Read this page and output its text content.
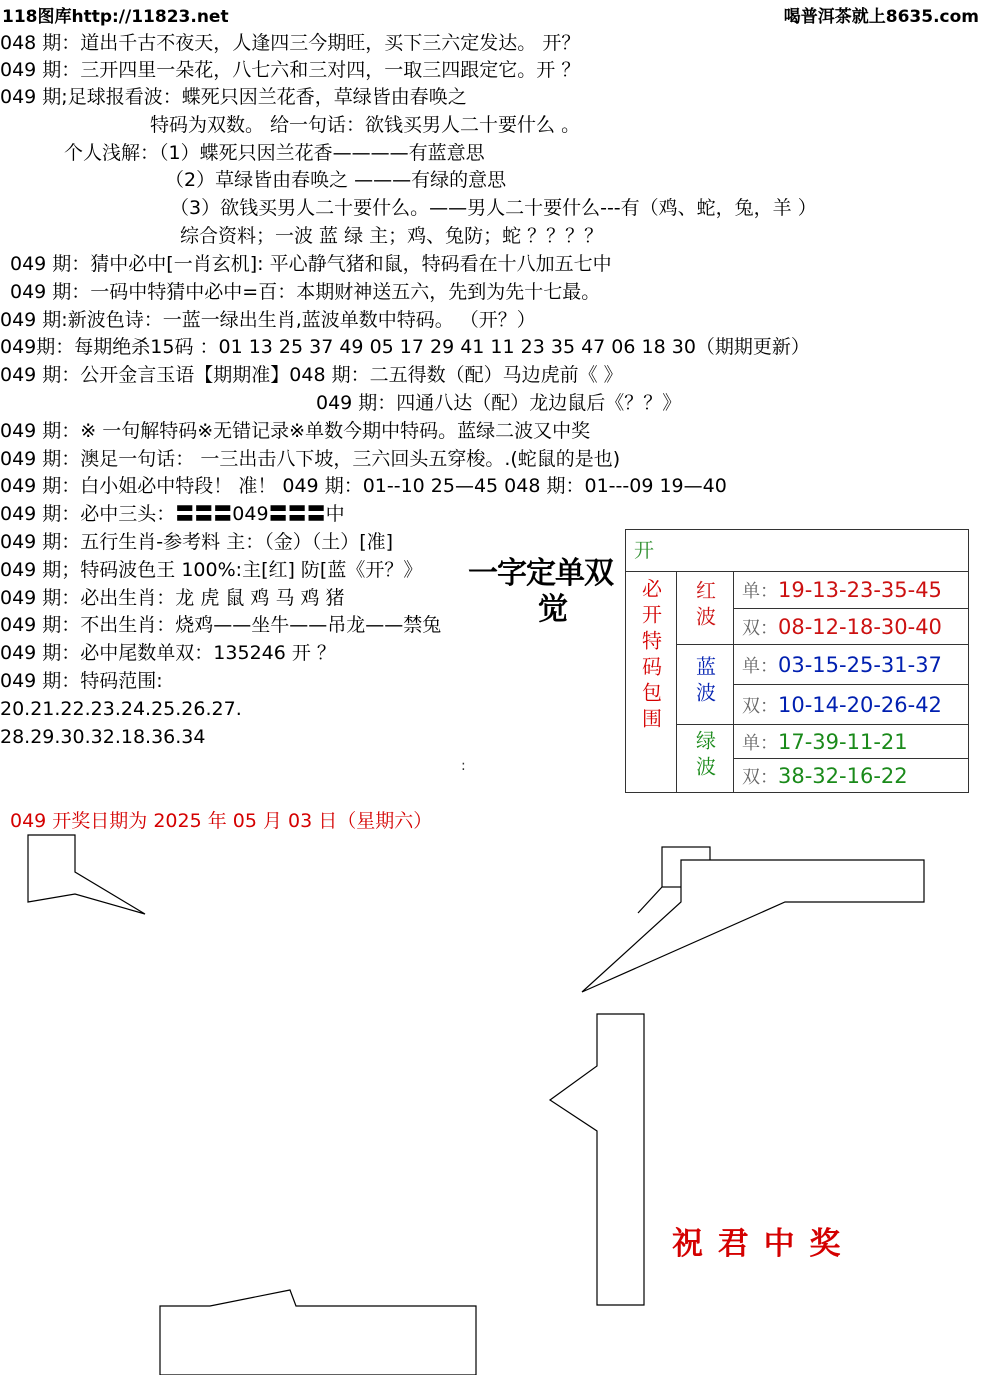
118图库http://11823.net	喝普洱茶就上8635.com
048 期：道出千古不夜天，人逢四三今期旺，买下三六定发达。 开？
049 期：三开四里一朵花，八七六和三对四，一取三四跟定它。开 ？
049 期;足球报看波：蝶死只因兰花香，草绿皆由春唤之
特码为双数。 给一句话：欲钱买男人二十要什么 。
个人浅解：（1）蝶死只因兰花香————有蓝意思
（2）草绿皆由春唤之 ———有绿的意思
（3）欲钱买男人二十要什么。——男人二十要什么---有（鸡、蛇，兔，羊 ）
综合资料；一波 蓝 绿 主；鸡、兔防；蛇 ？？？？
049 期：猜中必中[一肖玄机]: 平心静气猪和鼠，特码看在十八加五七中
049 期：一码中特猜中必中=百：本期财神送五六，先到为先十七最。
049 期:新波色诗：一蓝一绿出生肖,蓝波单数中特码。 （开？）
049期：每期绝杀15码 ：01 13 25 37 49 05 17 29 41 11 23 35 47 06 18 30（期期更新）
049 期：公开金言玉语【期期准】048 期：二五得数（配）马边虎前《 》
049 期：四通八达（配）龙边鼠后《？？》
049 期：※ 一句解特码※无错记录※单数今期中特码。蓝绿二波又中奖
049 期：澳足一句话： 一三出击八下坡，三六回头五穿梭。.(蛇鼠的是也)
049 期：白小姐必中特段！ 准！ 049 期：01--10 25—45 048 期：01---09 19—40
049 期：必中三头：〓〓〓049〓〓〓中
049 期：五行生肖-参考料 主：（金）（土）[准]
049 期；特码波色王 100%:主[红] 防[蓝《开？》
049 期：必出生肖：龙 虎 鼠 鸡 马 鸡 猪
049 期：不出生肖：烧鸡——坐牛——吊龙——禁兔
049 期：必中尾数单双：135246 开 ？
049 期：特码范围:
20.21.22.23.24.25.26.27.
28.29.30.32.18.36.34
一字定单双
觉
开		
必开特码包围	红波	单：19-13-23-35-45
		双：08-12-18-30-40
	蓝波	单：03-15-25-31-37
		双：10-14-20-26-42
	绿波	单：17-39-11-21
		双：38-32-16-22
049 开奖日期为 2025 年 05 月 03 日（星期六）
:
祝 君 中 奖
